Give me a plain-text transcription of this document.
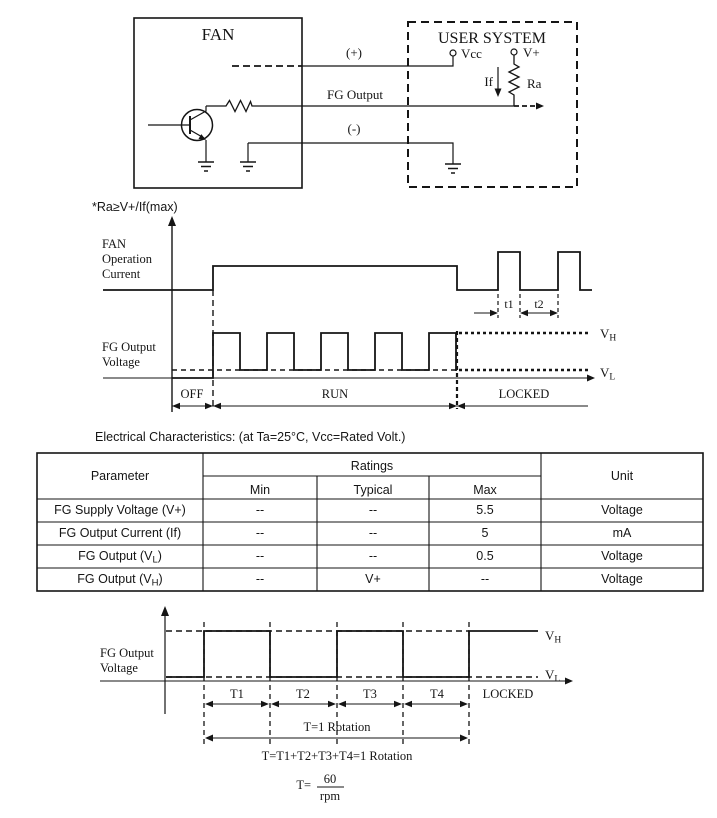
FAN	USER SYSTEM
Vcc
(+)	V+
Ra
If
FG Output
(-)
*Ra≥V+/If(max)
FAN
Operation
Current
t1 t2
FG Output
Voltage
VH
VL
OFF	RUN	LOCKED
Electrical Characteristics: (at Ta=25°C, Vcc=Rated Volt.)
Parameter
Ratings
Min	Typical	Max
Unit
FG Supply Voltage (V+)	--	--	5.5	Voltage
FG Output Current (If)	--	--	5	mA
FG Output $(V_L)$	--	--	0.5	Voltage
FG Output $(V_H)$	--	V+	--	Voltage
FG Output
Voltage
VH
VL
T1	T2	T3	T4	LOCKED
T=1 Rotation
T=T1+T2+T3+T4=1 Rotation
T= 60
rpm
